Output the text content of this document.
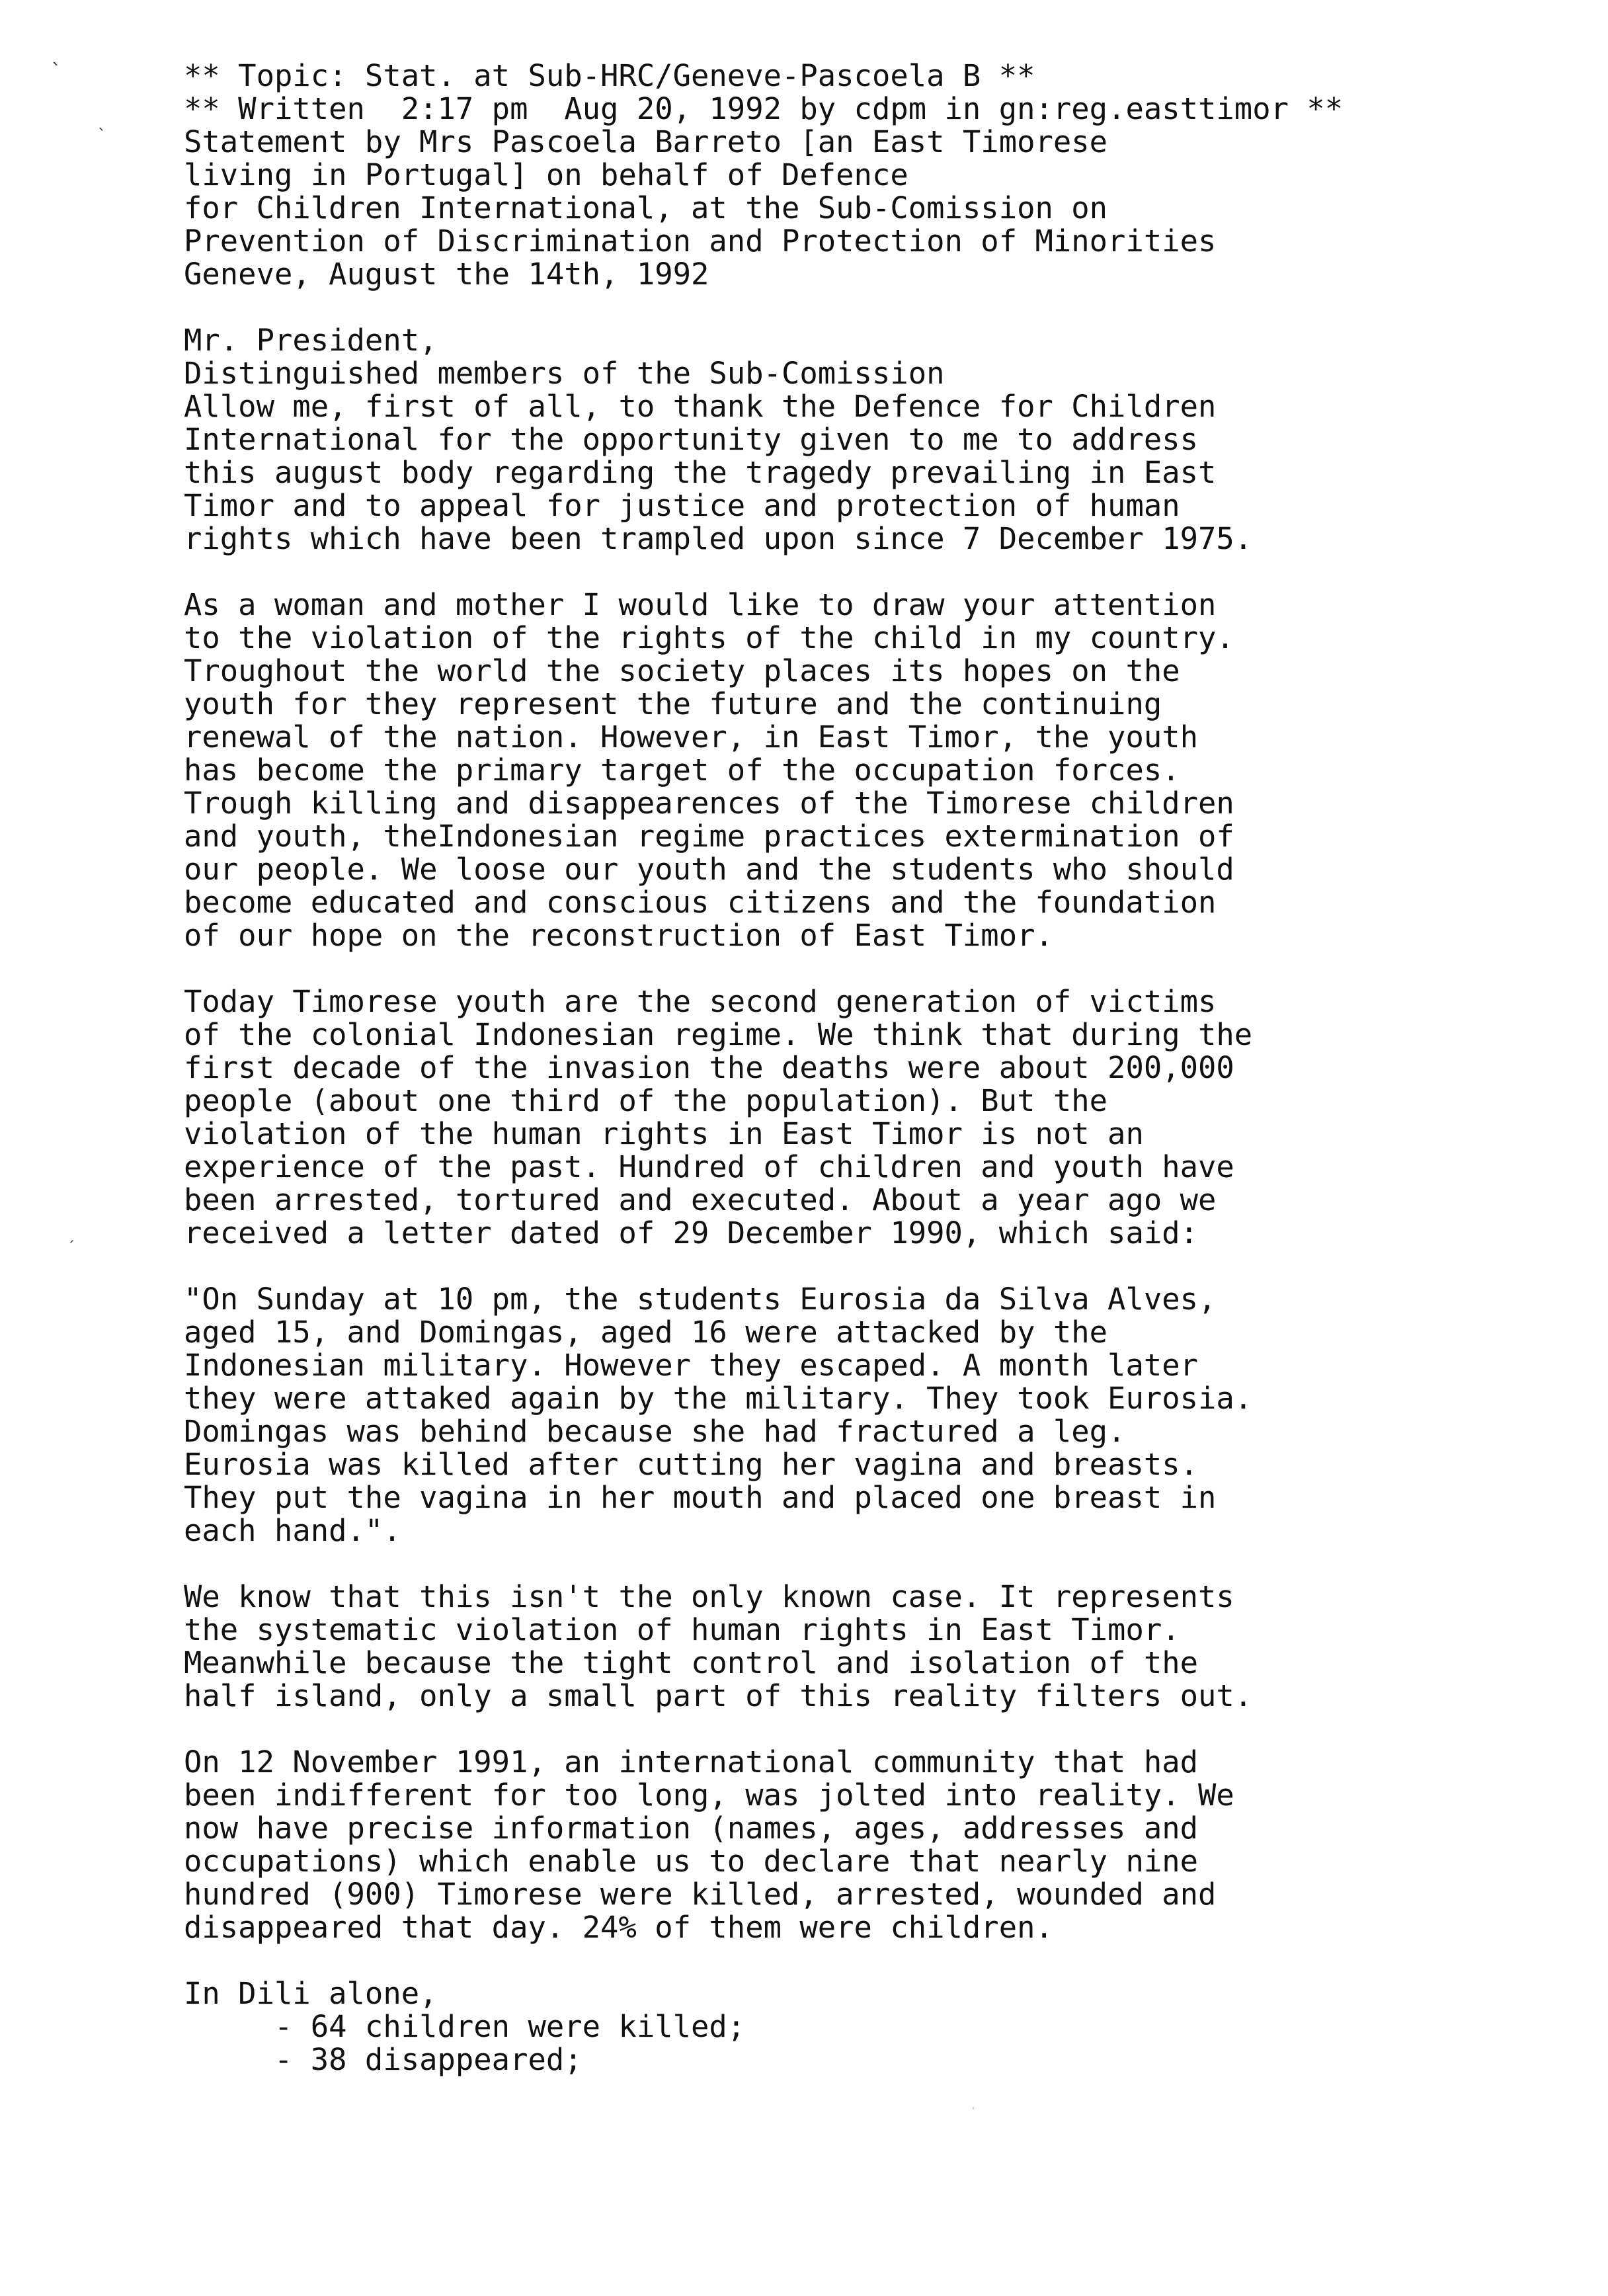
ˋ
ˎ
ˏ
ˈ
** Topic: Stat. at Sub-HRC/Geneve-Pascoela B **
** Written  2:17 pm  Aug 20, 1992 by cdpm in gn:reg.easttimor **
Statement by Mrs Pascoela Barreto [an East Timorese
living in Portugal] on behalf of Defence
for Children International, at the Sub-Comission on
Prevention of Discrimination and Protection of Minorities
Geneve, August the 14th, 1992
Mr. President,
Distinguished members of the Sub-Comission
Allow me, first of all, to thank the Defence for Children
International for the opportunity given to me to address
this august body regarding the tragedy prevailing in East
Timor and to appeal for justice and protection of human
rights which have been trampled upon since 7 December 1975.
As a woman and mother I would like to draw your attention
to the violation of the rights of the child in my country.
Troughout the world the society places its hopes on the
youth for they represent the future and the continuing
renewal of the nation. However, in East Timor, the youth
has become the primary target of the occupation forces.
Trough killing and disappearences of the Timorese children
and youth, theIndonesian regime practices extermination of
our people. We loose our youth and the students who should
become educated and conscious citizens and the foundation
of our hope on the reconstruction of East Timor.
Today Timorese youth are the second generation of victims
of the colonial Indonesian regime. We think that during the
first decade of the invasion the deaths were about 200,000
people (about one third of the population). But the
violation of the human rights in East Timor is not an
experience of the past. Hundred of children and youth have
been arrested, tortured and executed. About a year ago we
received a letter dated of 29 December 1990, which said:
"On Sunday at 10 pm, the students Eurosia da Silva Alves,
aged 15, and Domingas, aged 16 were attacked by the
Indonesian military. However they escaped. A month later
they were attaked again by the military. They took Eurosia.
Domingas was behind because she had fractured a leg.
Eurosia was killed after cutting her vagina and breasts.
They put the vagina in her mouth and placed one breast in
each hand.".
We know that this isn't the only known case. It represents
the systematic violation of human rights in East Timor.
Meanwhile because the tight control and isolation of the
half island, only a small part of this reality filters out.
On 12 November 1991, an international community that had
been indifferent for too long, was jolted into reality. We
now have precise information (names, ages, addresses and
occupations) which enable us to declare that nearly nine
hundred (900) Timorese were killed, arrested, wounded and
disappeared that day. 24% of them were children.
In Dili alone,
- 64 children were killed;
- 38 disappeared;
